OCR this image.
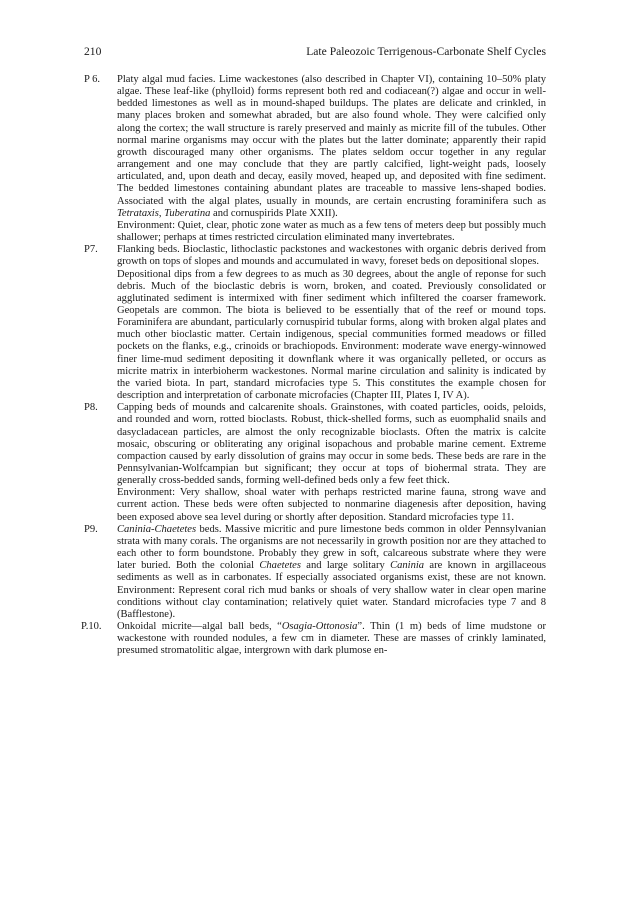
210	Late Paleozoic Terrigenous-Carbonate Shelf Cycles
P 6. Platy algal mud facies. Lime wackestones (also described in Chapter VI), containing 10–50% platy algae. These leaf-like (phylloid) forms represent both red and codiacean(?) algae and occur in well-bedded limestones as well as in mound-shaped buildups. The plates are delicate and crinkled, in many places broken and somewhat abraded, but are also found whole. They were calcified only along the cortex; the wall structure is rarely preserved and mainly as micrite fill of the tubules. Other normal marine organisms may occur with the plates but the latter dominate; apparently their rapid growth discouraged many other organisms. The plates seldom occur together in any regular arrangement and one may conclude that they are partly calcified, light-weight pads, loosely articulated, and, upon death and decay, easily moved, heaped up, and deposited with fine sediment. The bedded limestones containing abundant plates are traceable to massive lens-shaped bodies. Associated with the algal plates, usually in mounds, are certain encrusting foraminifera such as Tetrataxis, Tuberatina and cornuspirids Plate XXII).

Environment: Quiet, clear, photic zone water as much as a few tens of meters deep but possibly much shallower; perhaps at times restricted circulation eliminated many invertebrates.

P7. Flanking beds. Bioclastic, lithoclastic packstones and wackestones with organic debris derived from growth on tops of slopes and mounds and accumulated in wavy, foreset beds on depositional slopes.

Depositional dips from a few degrees to as much as 30 degrees, about the angle of reponse for such debris. Much of the bioclastic debris is worn, broken, and coated. Previously consolidated or agglutinated sediment is intermixed with finer sediment which infiltered the coarser framework. Geopetals are common. The biota is believed to be essentially that of the reef or mound tops. Foraminifera are abundant, particularly cornuspirid tubular forms, along with broken algal plates and much other bioclastic matter. Certain indigenous, special communities formed meadows or filled pockets on the flanks, e.g., crinoids or brachiopods. Environment: moderate wave energy-winnowed finer lime-mud sediment depositing it downflank where it was organically pelleted, or occurs as micrite matrix in interbioherm wackestones. Normal marine circulation and salinity is indicated by the varied biota. In part, standard microfacies type 5. This constitutes the example chosen for description and interpretation of carbonate microfacies (Chapter III, Plates I, IV A).

P8. Capping beds of mounds and calcarenite shoals. Grainstones, with coated particles, ooids, peloids, and rounded and worn, rotted bioclasts. Robust, thick-shelled forms, such as euomphalid snails and dasycladacean particles, are almost the only recognizable bioclasts. Often the matrix is calcite mosaic, obscuring or obliterating any original isopachous and probable marine cement. Extreme compaction caused by early dissolution of grains may occur in some beds. These beds are rare in the Pennsylvanian-Wolfcampian but significant; they occur at tops of biohermal strata. They are generally cross-bedded sands, forming well-defined beds only a few feet thick.

Environment: Very shallow, shoal water with perhaps restricted marine fauna, strong wave and current action. These beds were often subjected to nonmarine diagenesis after deposition, having been exposed above sea level during or shortly after deposition. Standard microfacies type 11.

P9. Caninia-Chaetetes beds. Massive micritic and pure limestone beds common in older Pennsylvanian strata with many corals. The organisms are not necessarily in growth position nor are they attached to each other to form boundstone. Probably they grew in soft, calcareous substrate where they were later buried. Both the colonial Chaetetes and large solitary Caninia are known in argillaceous sediments as well as in carbonates. If especially associated organisms exist, these are not known. Environment: Represent coral rich mud banks or shoals of very shallow water in clear open marine conditions without clay contamination; relatively quiet water. Standard microfacies type 7 and 8 (Bafflestone).

P.10. Onkoidal micrite—algal ball beds, “Osagia-Ottonosia”. Thin (1 m) beds of lime mudstone or wackestone with rounded nodules, a few cm in diameter. These are masses of crinkly laminated, presumed stromatolitic algae, intergrown with dark plumose en-
